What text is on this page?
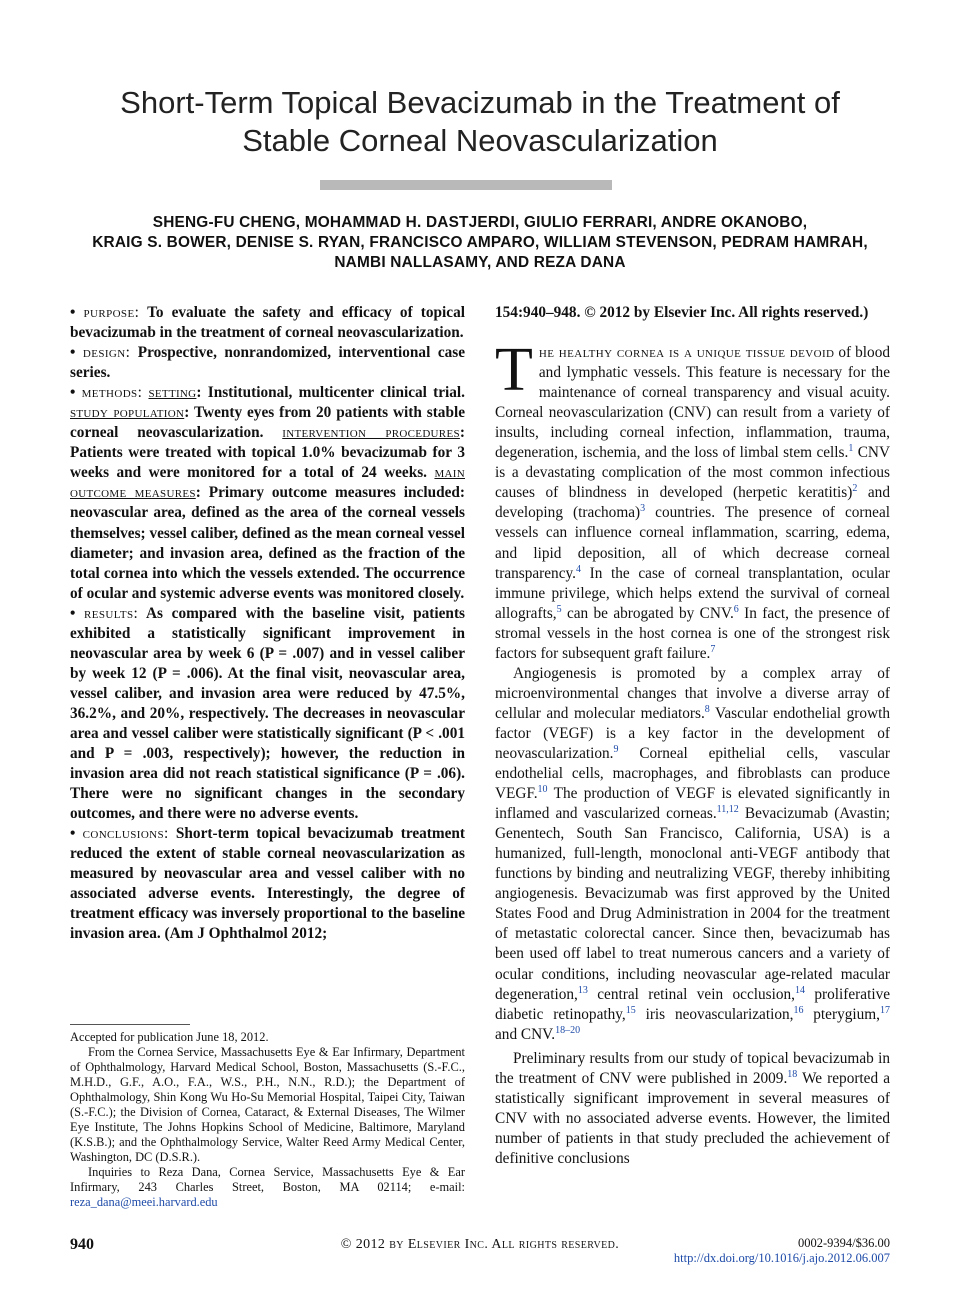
Short-Term Topical Bevacizumab in the Treatment of
Stable Corneal Neovascularization
SHENG-FU CHENG, MOHAMMAD H. DASTJERDI, GIULIO FERRARI, ANDRE OKANOBO,
KRAIG S. BOWER, DENISE S. RYAN, FRANCISCO AMPARO, WILLIAM STEVENSON, PEDRAM HAMRAH,
NAMBI NALLASAMY, AND REZA DANA

• purpose: To evaluate the safety and efficacy of topical bevacizumab in the treatment of corneal neovascularization.

• design: Prospective, nonrandomized, interventional case series.

• methods: setting: Institutional, multicenter clinical trial. study population: Twenty eyes from 20 patients with stable corneal neovascularization. intervention procedures: Patients were treated with topical 1.0% bevacizumab for 3 weeks and were monitored for a total of 24 weeks. main outcome measures: Primary outcome measures included: neovascular area, defined as the area of the corneal vessels themselves; vessel caliber, defined as the mean corneal vessel diameter; and invasion area, defined as the fraction of the total cornea into which the vessels extended. The occurrence of ocular and systemic adverse events was monitored closely.

• results: As compared with the baseline visit, patients exhibited a statistically significant improvement in neovascular area by week 6 (P = .007) and in vessel caliber by week 12 (P = .006). At the final visit, neovascular area, vessel caliber, and invasion area were reduced by 47.5%, 36.2%, and 20%, respectively. The decreases in neovascular area and vessel caliber were statistically significant (P < .001 and P = .003, respectively); however, the reduction in invasion area did not reach statistical significance (P = .06). There were no significant changes in the secondary outcomes, and there were no adverse events.

• conclusions: Short-term topical bevacizumab treatment reduced the extent of stable corneal neovascularization as measured by neovascular area and vessel caliber with no associated adverse events. Interestingly, the degree of treatment efficacy was inversely proportional to the baseline invasion area. (Am J Ophthalmol 2012;

154:940–948. © 2012 by Elsevier Inc. All rights reserved.)

The healthy cornea is a unique tissue devoid of blood and lymphatic vessels. This feature is necessary for the maintenance of corneal transparency and visual acuity. Corneal neovascularization (CNV) can result from a variety of insults, including corneal infection, inflammation, trauma, degeneration, ischemia, and the loss of limbal stem cells.$^1$ CNV is a devastating complication of the most common infectious causes of blindness in developed (herpetic keratitis)$^2$ and developing (trachoma)$^3$ countries. The presence of corneal vessels can influence corneal inflammation, scarring, edema, and lipid deposition, all of which decrease corneal transparency.$^4$ In the case of corneal transplantation, ocular immune privilege, which helps extend the survival of corneal allografts,$^5$ can be abrogated by CNV.$^6$ In fact, the presence of stromal vessels in the host cornea is one of the strongest risk factors for subsequent graft failure.$^7$

Angiogenesis is promoted by a complex array of microenvironmental changes that involve a diverse array of cellular and molecular mediators.$^8$ Vascular endothelial growth factor (VEGF) is a key factor in the development of neovascularization.$^9$ Corneal epithelial cells, vascular endothelial cells, macrophages, and fibroblasts can produce VEGF.$^{10}$ The production of VEGF is elevated significantly in inflamed and vascularized corneas.$^{11,12}$ Bevacizumab (Avastin; Genentech, South San Francisco, California, USA) is a humanized, full-length, monoclonal anti-VEGF antibody that functions by binding and neutralizing VEGF, thereby inhibiting angiogenesis. Bevacizumab was first approved by the United States Food and Drug Administration in 2004 for the treatment of metastatic colorectal cancer. Since then, bevacizumab has been used off label to treat numerous cancers and a variety of ocular conditions, including neovascular age-related macular degeneration,$^{13}$ central retinal vein occlusion,$^{14}$ proliferative diabetic retinopathy,$^{15}$ iris neovascularization,$^{16}$ pterygium,$^{17}$ and CNV.$^{18-20}$

Preliminary results from our study of topical bevacizumab in the treatment of CNV were published in 2009.18 We reported a statistically significant improvement in several measures of CNV with no associated adverse events. However, the limited number of patients in that study precluded the achievement of definitive conclusions

Accepted for publication June 18, 2012.

From the Cornea Service, Massachusetts Eye & Ear Infirmary, Department of Ophthalmology, Harvard Medical School, Boston, Massachusetts (S.-F.C., M.H.D., G.F., A.O., F.A., W.S., P.H., N.N., R.D.); the Department of Ophthalmology, Shin Kong Wu Ho-Su Memorial Hospital, Taipei City, Taiwan (S.-F.C.); the Division of Cornea, Cataract, & External Diseases, The Wilmer Eye Institute, The Johns Hopkins School of Medicine, Baltimore, Maryland (K.S.B.); and the Ophthalmology Service, Walter Reed Army Medical Center, Washington, DC (D.S.R.).

Inquiries to Reza Dana, Cornea Service, Massachusetts Eye & Ear Infirmary, 243 Charles Street, Boston, MA 02114; e-mail: reza_dana@meei.harvard.edu

940	© 2012 by Elsevier Inc. All rights reserved.	0002-9394/$36.00
http://dx.doi.org/10.1016/j.ajo.2012.06.007
